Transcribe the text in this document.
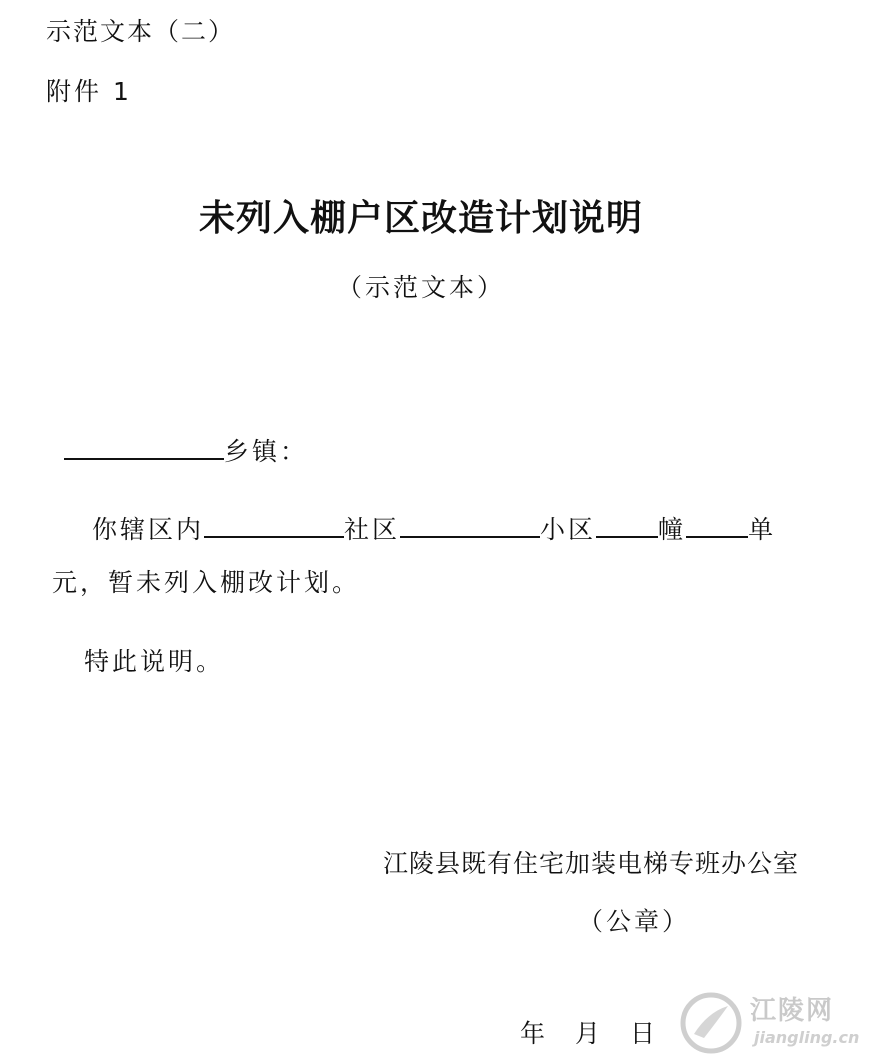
示范文本（二）
附件 1
未列入棚户区改造计划说明
（示范文本）
乡镇：
你辖区内	社区	小区 幢 单
元，暂未列入棚改计划。
特此说明。
江陵县既有住宅加装电梯专班办公室
（公章）
年 月 日
江陵网
jiangling.cn
